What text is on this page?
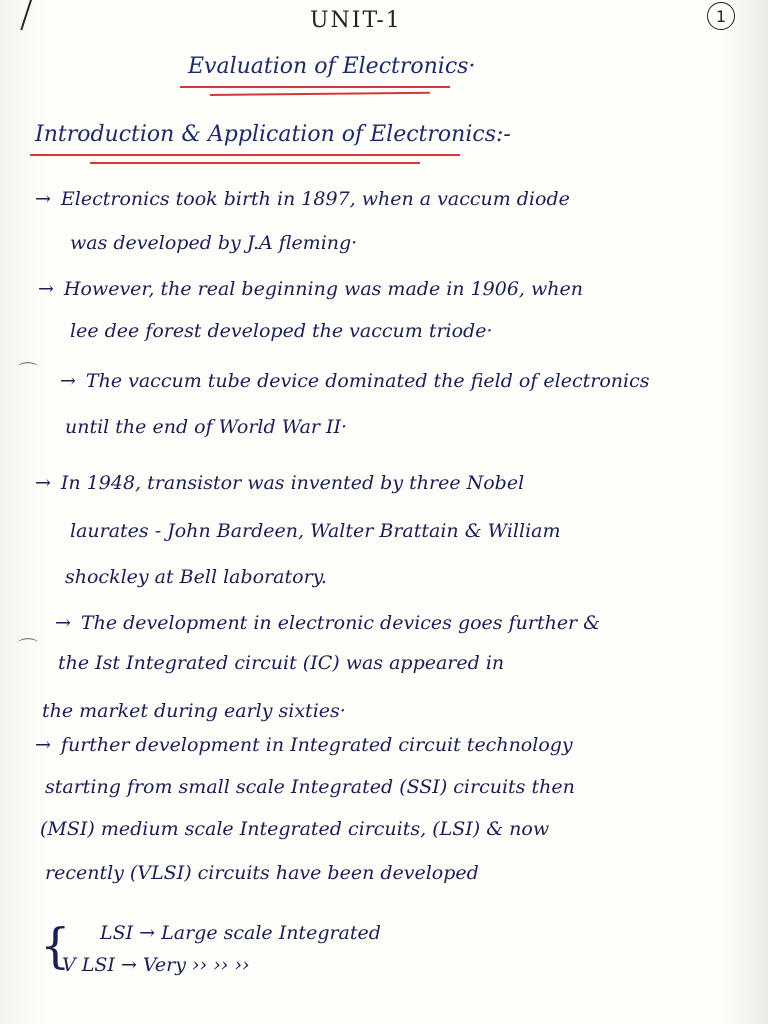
1
UNIT-1
Evaluation of Electronics·
Introduction & Application of Electronics:-
⌒
⌒
→ Electronics took birth in 1897, when a vaccum diode
was developed by J.A fleming·
→ However, the real beginning was made in 1906, when
lee dee forest developed the vaccum triode·
→ The vaccum tube device dominated the field of electronics
until the end of World War II·
→ In 1948, transistor was invented by three Nobel
laurates - John Bardeen, Walter Brattain & William
shockley at Bell laboratory.
→ The development in electronic devices goes further &
the Ist Integrated circuit (IC) was appeared in
the market during early sixties·
→ further development in Integrated circuit technology
starting from small scale Integrated (SSI) circuits then
(MSI) medium scale Integrated circuits, (LSI) & now
recently (VLSI) circuits have been developed
{ LSI → Large scale Integrated
V LSI → Very ›› ›› ››
